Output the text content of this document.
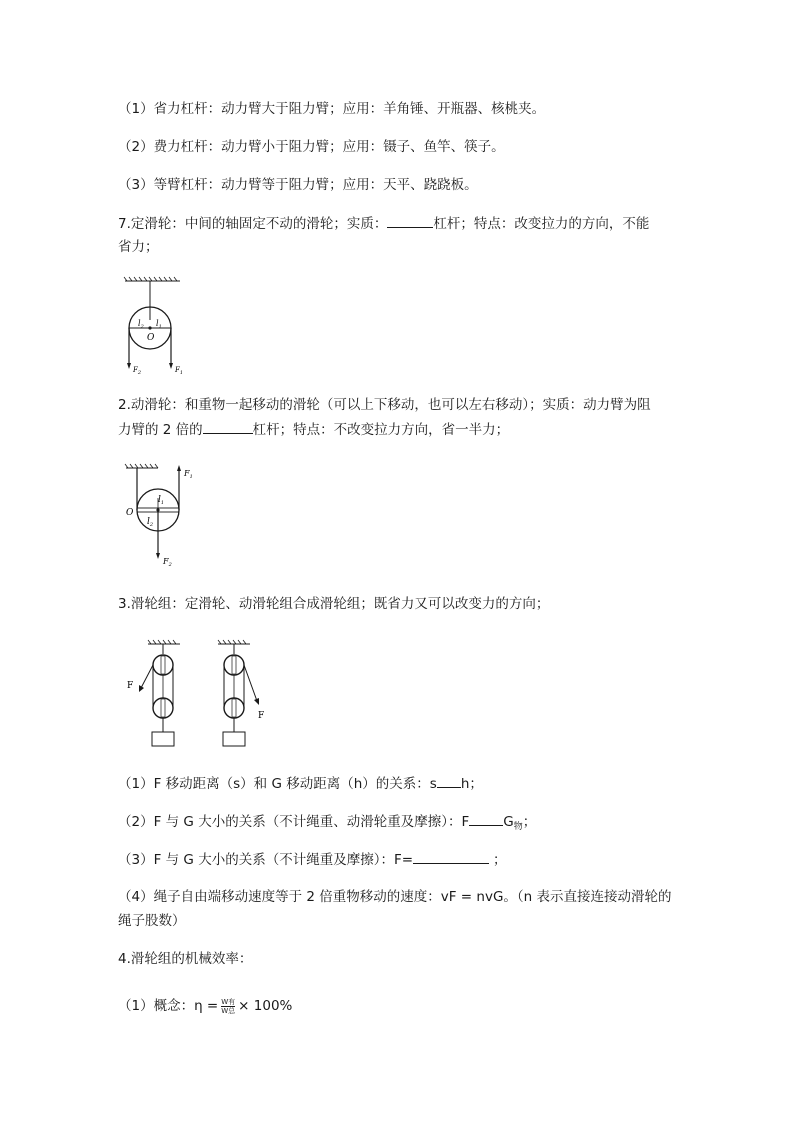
（1）省力杠杆：动力臂大于阻力臂；应用：羊角锤、开瓶器、核桃夹。
（2）费力杠杆：动力臂小于阻力臂；应用：镊子、鱼竿、筷子。
（3）等臂杠杆：动力臂等于阻力臂；应用：天平、跷跷板。
7.定滑轮：中间的轴固定不动的滑轮；实质：	杠杆；特点：改变拉力的方向，不能
省力；
$l_2$ $l_1$
O
$F_2$	$F_1$
2.动滑轮：和重物一起移动的滑轮（可以上下移动，也可以左右移动）；实质：动力臂为阻
力臂的 2 倍的	杠杆；特点：不改变拉力方向，省一半力；
$l_1$
$l_2$
O
$F_1$
$F_2$
3.滑轮组：定滑轮、动滑轮组合成滑轮组；既省力又可以改变力的方向；
F
F
（1）F 移动距离（s）和 G 移动距离（h）的关系：s h；
（2）F 与 G 大小的关系（不计绳重、动滑轮重及摩擦）：F	$G_物$；
（3）F 与 G 大小的关系（不计绳重及摩擦）：F=	；
（4）绳子自由端移动速度等于 2 倍重物移动的速度：vF = nvG。（n 表示直接连接动滑轮的
绳子股数）
4.滑轮组的机械效率：
（1）概念：$\eta = \frac{\text{W有}}{\text{W总}} \times 100\%$
